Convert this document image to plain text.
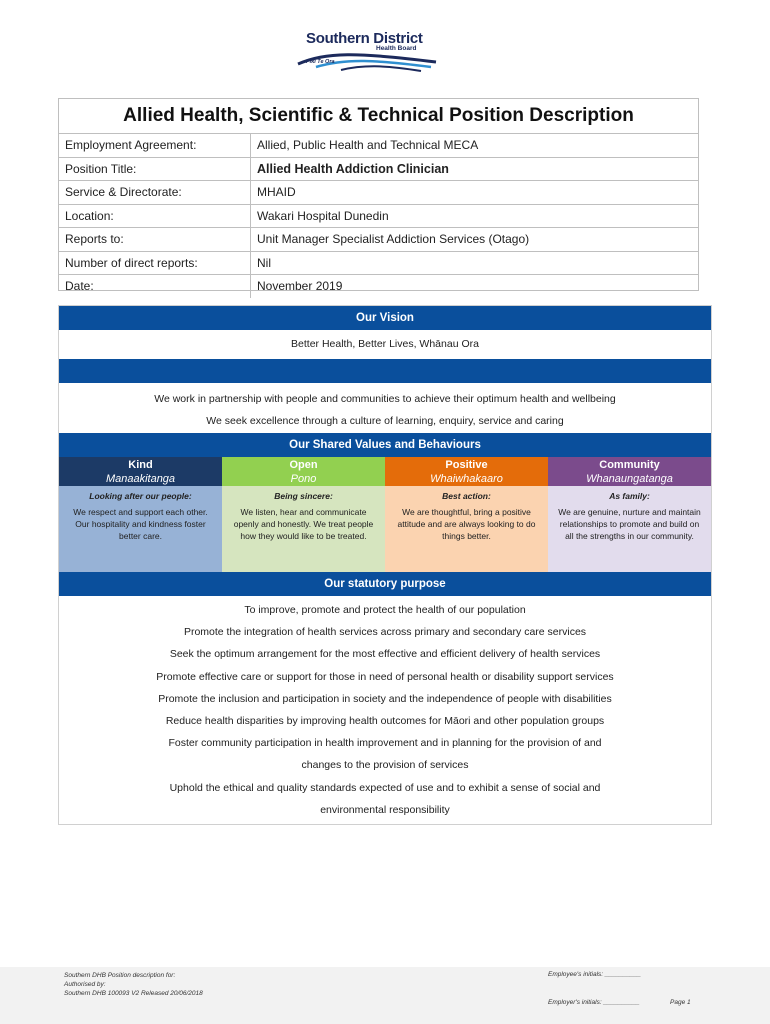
Southern District
Health Board
Piki Te Ora
Allied Health, Scientific & Technical Position Description
Employment Agreement:	Allied, Public Health and Technical MECA
Position Title:	Allied Health Addiction Clinician
Service & Directorate:	MHAID
Location:	Wakari Hospital Dunedin
Reports to:	Unit Manager Specialist Addiction Services (Otago)
Number of direct reports:	Nil
Date:	November 2019
Our Vision
Better Health, Better Lives, Whānau Ora
We work in partnership with people and communities to achieve their optimum health and wellbeing
We seek excellence through a culture of learning, enquiry, service and caring
Our Shared Values and Behaviours
Kind
Manaakitanga
Looking after our people:
We respect and support each other. Our hospitality and kindness foster better care.
Open
Pono
Being sincere:
We listen, hear and communicate openly and honestly. We treat people how they would like to be treated.
Positive
Whaiwhakaaro
Best action:
We are thoughtful, bring a positive attitude and are always looking to do things better.
Community
Whanaungatanga
As family:
We are genuine, nurture and maintain relationships to promote and build on all the strengths in our community.
Our statutory purpose
To improve, promote and protect the health of our population
Promote the integration of health services across primary and secondary care services
Seek the optimum arrangement for the most effective and efficient delivery of health services
Promote effective care or support for those in need of personal health or disability support services
Promote the inclusion and participation in society and the independence of people with disabilities
Reduce health disparities by improving health outcomes for Māori and other population groups
Foster community participation in health improvement and in planning for the provision of and
changes to the provision of services
Uphold the ethical and quality standards expected of use and to exhibit a sense of social and
environmental responsibility
Southern DHB Position description for:
Authorised by:
Southern DHB 100093 V2 Released 20/06/2018
Employee's initials: __________
Employer's initials: __________	Page 1
